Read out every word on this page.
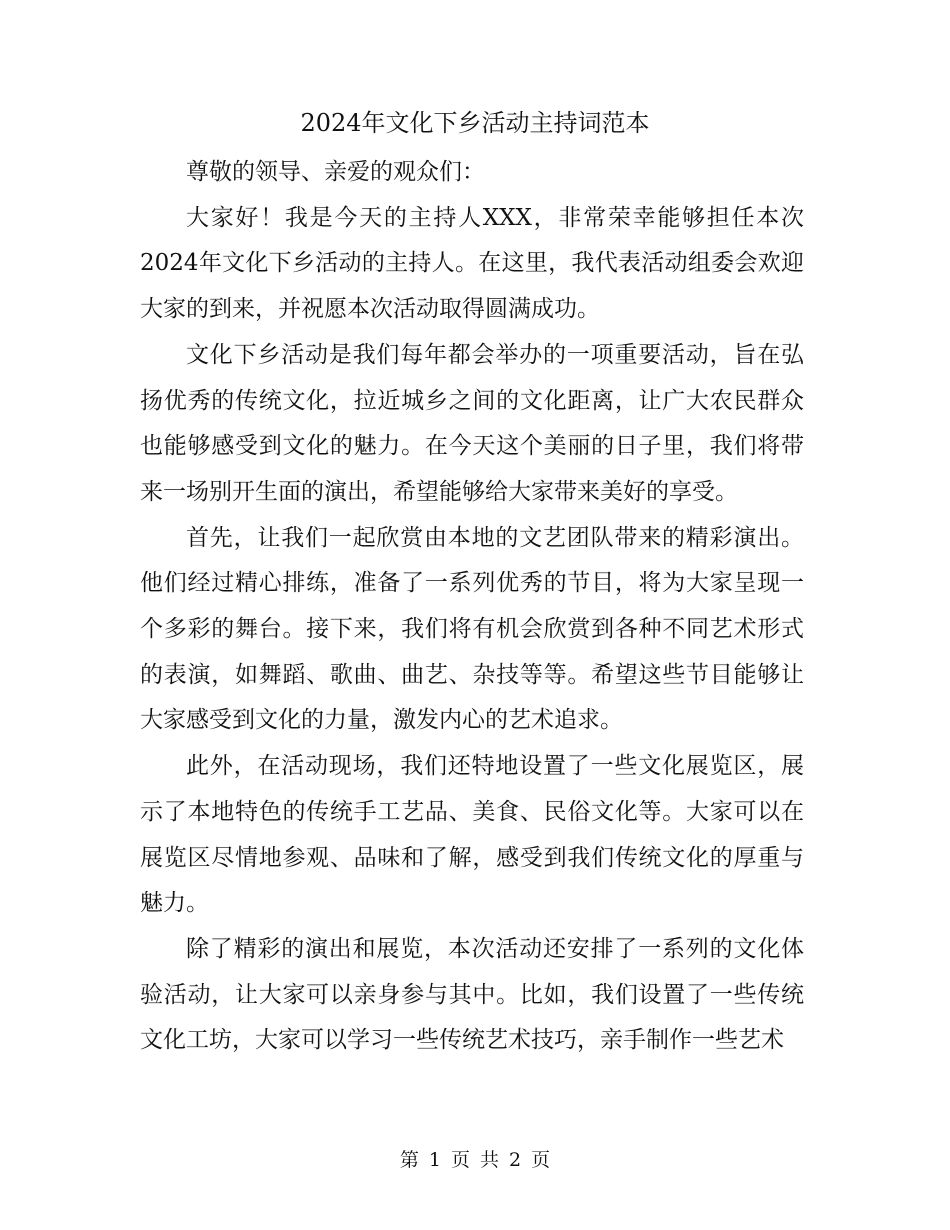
2024年文化下乡活动主持词范本

尊敬的领导、亲爱的观众们：

大家好！我是今天的主持人XXX，非常荣幸能够担任本次2024年文化下乡活动的主持人。在这里，我代表活动组委会欢迎大家的到来，并祝愿本次活动取得圆满成功。

文化下乡活动是我们每年都会举办的一项重要活动，旨在弘扬优秀的传统文化，拉近城乡之间的文化距离，让广大农民群众也能够感受到文化的魅力。在今天这个美丽的日子里，我们将带来一场别开生面的演出，希望能够给大家带来美好的享受。

首先，让我们一起欣赏由本地的文艺团队带来的精彩演出。他们经过精心排练，准备了一系列优秀的节目，将为大家呈现一个多彩的舞台。接下来，我们将有机会欣赏到各种不同艺术形式的表演，如舞蹈、歌曲、曲艺、杂技等等。希望这些节目能够让大家感受到文化的力量，激发内心的艺术追求。

此外，在活动现场，我们还特地设置了一些文化展览区，展示了本地特色的传统手工艺品、美食、民俗文化等。大家可以在展览区尽情地参观、品味和了解，感受到我们传统文化的厚重与魅力。

除了精彩的演出和展览，本次活动还安排了一系列的文化体验活动，让大家可以亲身参与其中。比如，我们设置了一些传统文化工坊，大家可以学习一些传统艺术技巧，亲手制作一些艺术

第 1 页 共 2 页
